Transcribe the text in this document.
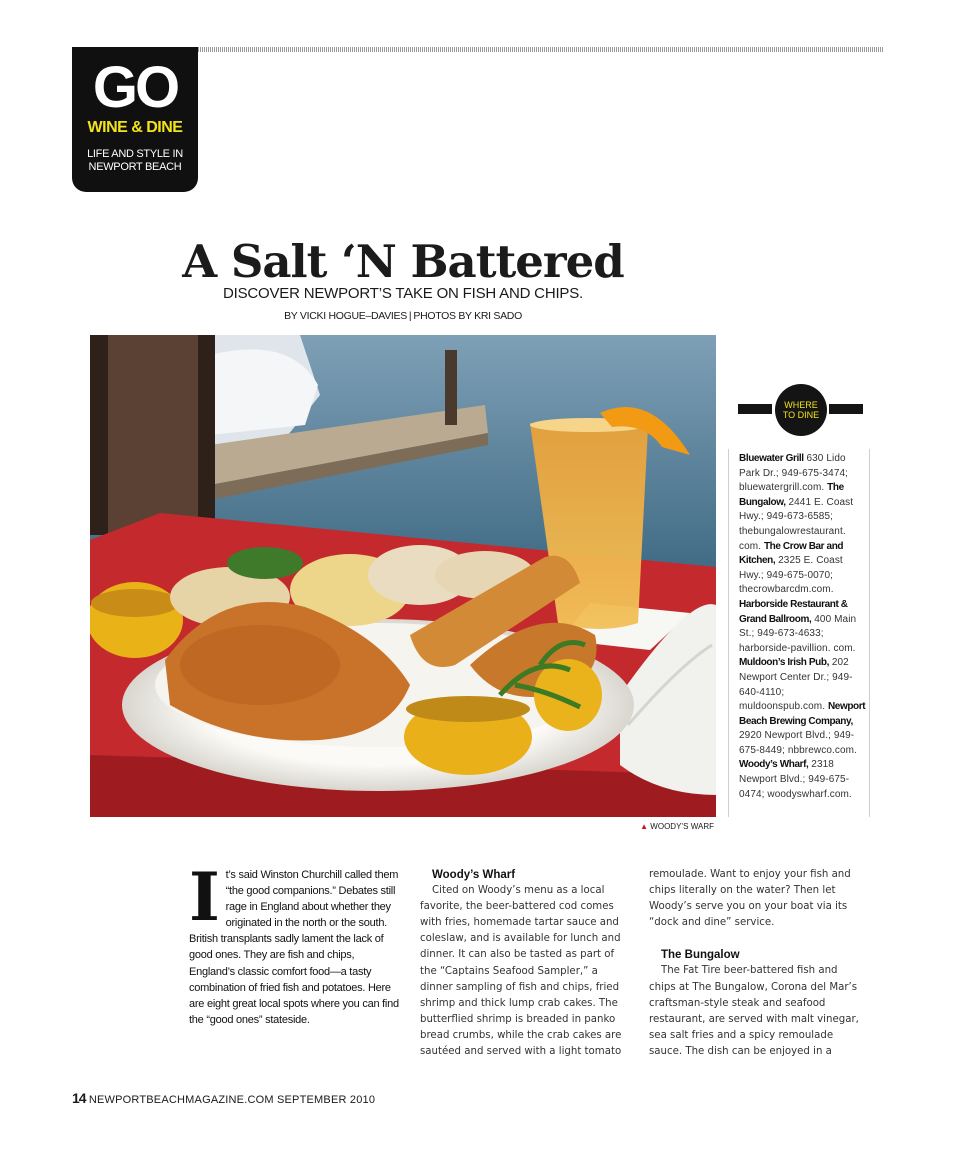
GO
WINE & DINE
LIFE AND STYLE IN
NEWPORT BEACH
A Salt ‘N Battered
DISCOVER NEWPORT’S TAKE ON FISH AND CHIPS.
BY VICKI HOGUE–DAVIES | PHOTOS BY KRI SADO
▲ WOODY’S WARF
WHERE
TO DINE
Bluewater Grill 630 Lido Park Dr.; 949-675-3474; bluewatergrill.com. The Bungalow, 2441 E. Coast Hwy.; 949-673-6585; thebungalowrestaurant. com. The Crow Bar and Kitchen, 2325 E. Coast Hwy.; 949-675-0070; thecrowbarcdm.com. Harborside Restaurant & Grand Ballroom, 400 Main St.; 949-673-4633; harborside-pavillion. com. Muldoon’s Irish Pub, 202 Newport Center Dr.; 949-640-4110; muldoonspub.com. Newport Beach Brewing Company, 2920 Newport Blvd.; 949-675-8449; nbbrewco.com. Woody’s Wharf, 2318 Newport Blvd.; 949-675-0474; woodyswharf.com.
It’s said Winston Churchill called them “the good companions.” Debates still rage in England about whether they originated in the north or the south. British transplants sadly lament the lack of good ones. They are fish and chips, England’s classic comfort food—a tasty combination of fried fish and potatoes. Here are eight great local spots where you can find the “good ones” stateside.

Woody’s Wharf

Cited on Woody’s menu as a local favorite, the beer-battered cod comes with fries, homemade tartar sauce and coleslaw, and is available for lunch and dinner. It can also be tasted as part of the “Captains Seafood Sampler,” a dinner sampling of fish and chips, fried shrimp and thick lump crab cakes. The butterflied shrimp is breaded in panko bread crumbs, while the crab cakes are sautéed and served with a light tomato

remoulade. Want to enjoy your fish and chips literally on the water? Then let Woody’s serve you on your boat via its “dock and dine” service.

The Bungalow

The Fat Tire beer-battered fish and chips at The Bungalow, Corona del Mar’s craftsman-style steak and seafood restaurant, are served with malt vinegar, sea salt fries and a spicy remoulade sauce. The dish can be enjoyed in a

14 NEWPORTBEACHMAGAZINE.COM SEPTEMBER 2010
